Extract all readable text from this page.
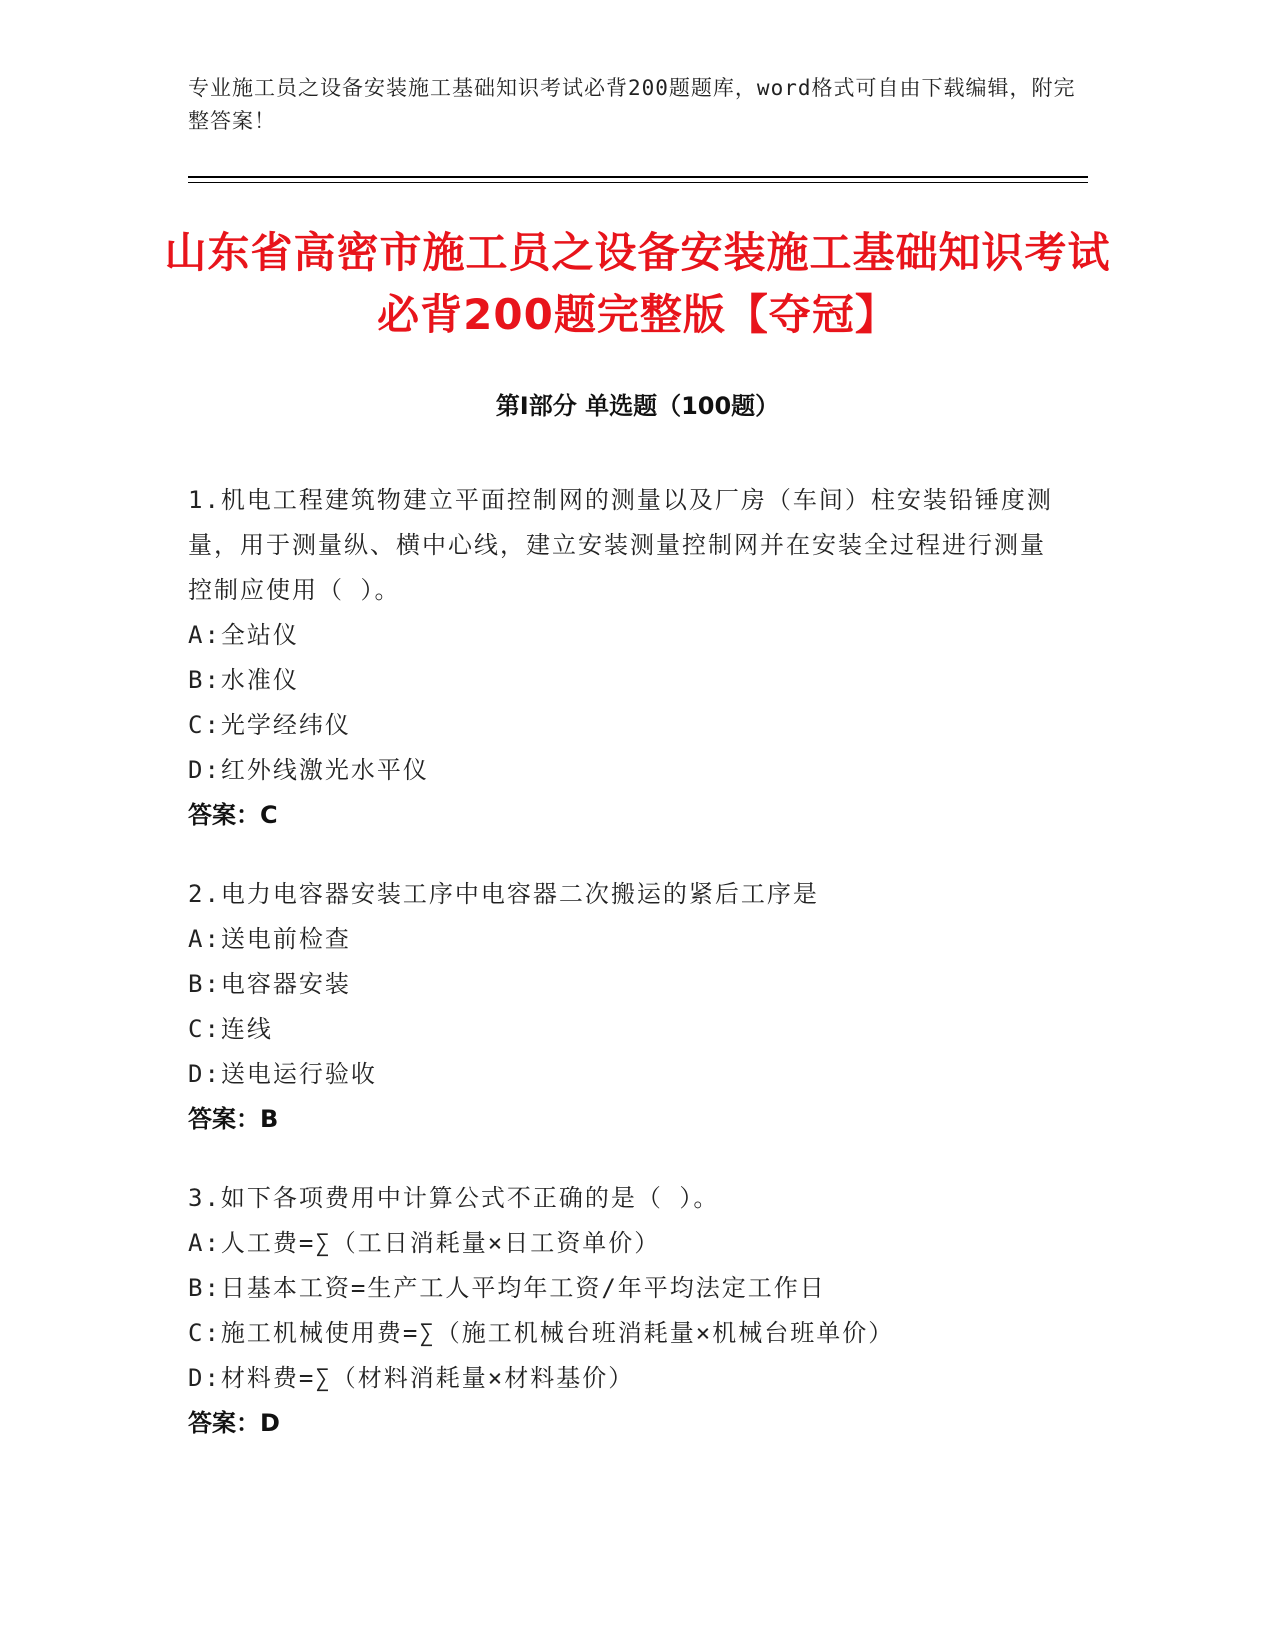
专业施工员之设备安装施工基础知识考试必背200题题库，word格式可自由下载编辑，附完整答案！
山东省高密市施工员之设备安装施工基础知识考试必背200题完整版【夺冠】
第I部分 单选题（100题）
1.机电工程建筑物建立平面控制网的测量以及厂房（车间）柱安装铅锤度测量，用于测量纵、横中心线，建立安装测量控制网并在安装全过程进行测量控制应使用（ ）。
A:全站仪
B:水准仪
C:光学经纬仪
D:红外线激光水平仪
答案：C
2.电力电容器安装工序中电容器二次搬运的紧后工序是
A:送电前检查
B:电容器安装
C:连线
D:送电运行验收
答案：B
3.如下各项费用中计算公式不正确的是（ ）。
A:人工费=∑（工日消耗量×日工资单价）
B:日基本工资=生产工人平均年工资/年平均法定工作日
C:施工机械使用费=∑（施工机械台班消耗量×机械台班单价）
D:材料费=∑（材料消耗量×材料基价）
答案：D
